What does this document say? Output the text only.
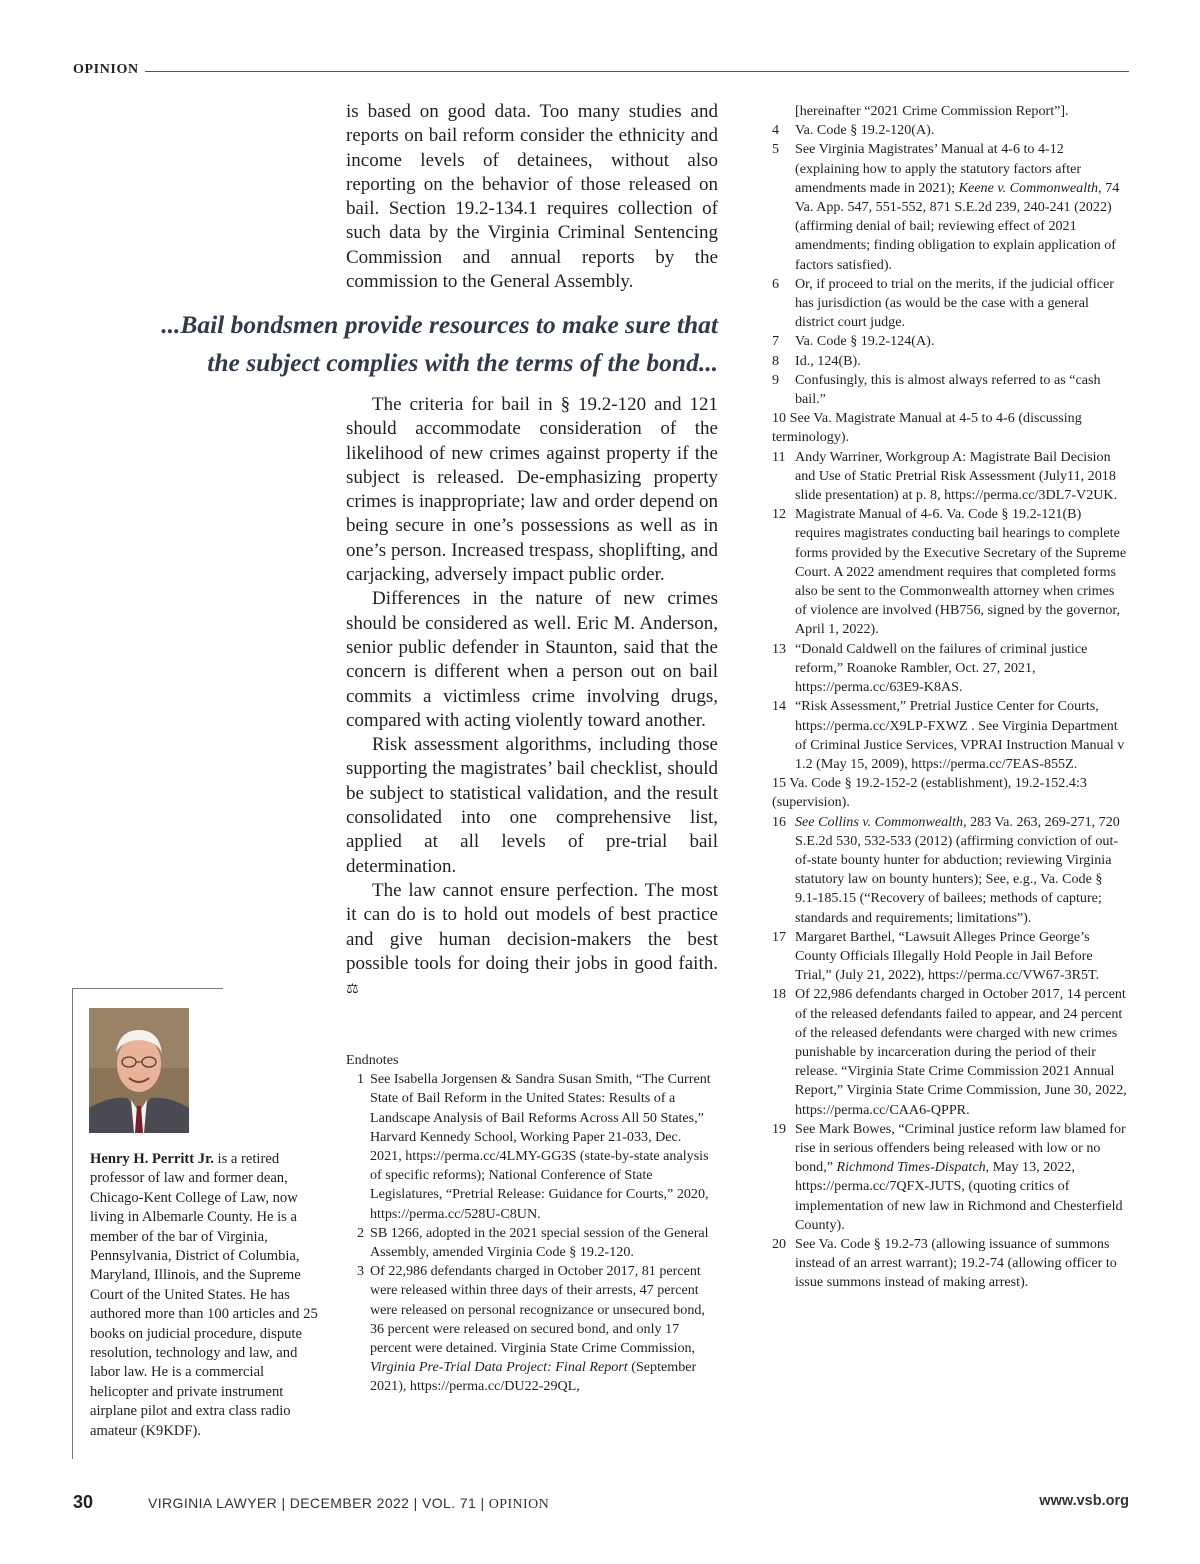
OPINION

is based on good data. Too many studies and reports on bail reform consider the ethnicity and income levels of detainees, without also reporting on the behavior of those released on bail. Section 19.2-134.1 requires collection of such data by the Virginia Criminal Sentencing Commission and annual reports by the commission to the General Assembly.

...Bail bondsmen provide resources to make sure that
the subject complies with the terms of the bond...

The criteria for bail in § 19.2-120 and 121 should accommodate consideration of the likelihood of new crimes against property if the subject is released. De-emphasizing property crimes is inappropriate; law and order depend on being secure in one’s possessions as well as in one’s person. Increased trespass, shoplifting, and carjacking, adversely impact public order.

Differences in the nature of new crimes should be considered as well. Eric M. Anderson, senior public defender in Staunton, said that the concern is different when a person out on bail commits a victimless crime involving drugs, compared with acting violently toward another.

Risk assessment algorithms, including those supporting the magistrates’ bail checklist, should be subject to statistical validation, and the result consolidated into one comprehensive list, applied at all levels of pre-trial bail determination.

The law cannot ensure perfection. The most it can do is to hold out models of best practice and give human decision-makers the best possible tools for doing their jobs in good faith. ⚖

Endnotes
1 See Isabella Jorgensen & Sandra Susan Smith, “The Current State of Bail Reform in the United States: Results of a Landscape Analysis of Bail Reforms Across All 50 States,” Harvard Kennedy School, Working Paper 21-033, Dec. 2021, https://perma.cc/4LMY-GG3S (state-by-state analysis of specific reforms); National Conference of State Legislatures, “Pretrial Release: Guidance for Courts,” 2020, https://perma.cc/528U-C8UN.
2 SB 1266, adopted in the 2021 special session of the General Assembly, amended Virginia Code § 19.2-120.
3 Of 22,986 defendants charged in October 2017, 81 percent were released within three days of their arrests, 47 percent were released on personal recognizance or unsecured bond, 36 percent were released on secured bond, and only 17 percent were detained. Virginia State Crime Commission, Virginia Pre-Trial Data Project: Final Report (September 2021), https://perma.cc/DU22-29QL,
[hereinafter “2021 Crime Commission Report”].
4 Va. Code § 19.2-120(A).
5 See Virginia Magistrates’ Manual at 4-6 to 4-12 (explaining how to apply the statutory factors after amendments made in 2021); Keene v. Commonwealth, 74 Va. App. 547, 551-552, 871 S.E.2d 239, 240-241 (2022) (affirming denial of bail; reviewing effect of 2021 amendments; finding obligation to explain application of factors satisfied).
6 Or, if proceed to trial on the merits, if the judicial officer has jurisdiction (as would be the case with a general district court judge.
7 Va. Code § 19.2-124(A).
8 Id., 124(B).
9 Confusingly, this is almost always referred to as “cash bail.”
10 See Va. Magistrate Manual at 4-5 to 4-6 (discussing terminology).
11 Andy Warriner, Workgroup A: Magistrate Bail Decision and Use of Static Pretrial Risk Assessment (July11, 2018 slide presentation) at p. 8, https://perma.cc/3DL7-V2UK.
12 Magistrate Manual of 4-6. Va. Code § 19.2-121(B) requires magistrates conducting bail hearings to complete forms provided by the Executive Secretary of the Supreme Court. A 2022 amendment requires that completed forms also be sent to the Commonwealth attorney when crimes of violence are involved (HB756, signed by the governor, April 1, 2022).
13 “Donald Caldwell on the failures of criminal justice reform,” Roanoke Rambler, Oct. 27, 2021, https://perma.cc/63E9-K8AS.
14 “Risk Assessment,” Pretrial Justice Center for Courts, https://perma.cc/X9LP-FXWZ . See Virginia Department of Criminal Justice Services, VPRAI Instruction Manual v 1.2 (May 15, 2009), https://perma.cc/7EAS-855Z.
15 Va. Code § 19.2-152-2 (establishment), 19.2-152.4:3 (supervision).
16 See Collins v. Commonwealth, 283 Va. 263, 269-271, 720 S.E.2d 530, 532-533 (2012) (affirming conviction of out-of-state bounty hunter for abduction; reviewing Virginia statutory law on bounty hunters); See, e.g., Va. Code § 9.1-185.15 (“Recovery of bailees; methods of capture; standards and requirements; limitations”).
17 Margaret Barthel, “Lawsuit Alleges Prince George’s County Officials Illegally Hold People in Jail Before Trial,” (July 21, 2022), https://perma.cc/VW67-3R5T.
18 Of 22,986 defendants charged in October 2017, 14 percent of the released defendants failed to appear, and 24 percent of the released defendants were charged with new crimes punishable by incarceration during the period of their release. “Virginia State Crime Commission 2021 Annual Report,” Virginia State Crime Commission, June 30, 2022, https://perma.cc/CAA6-QPPR.
19 See Mark Bowes, “Criminal justice reform law blamed for rise in serious offenders being released with low or no bond,” Richmond Times-Dispatch, May 13, 2022, https://perma.cc/7QFX-JUTS, (quoting critics of implementation of new law in Richmond and Chesterfield County).
20 See Va. Code § 19.2-73 (allowing issuance of summons instead of an arrest warrant); 19.2-74 (allowing officer to issue summons instead of making arrest).
Henry H. Perritt Jr. is a retired professor of law and former dean, Chicago-Kent College of Law, now living in Albemarle County. He is a member of the bar of Virginia, Pennsylvania, District of Columbia, Maryland, Illinois, and the Supreme Court of the United States. He has authored more than 100 articles and 25 books on judicial procedure, dispute resolution, technology and law, and labor law. He is a commercial helicopter and private instrument airplane pilot and extra class radio amateur (K9KDF).
30	VIRGINIA LAWYER | DECEMBER 2022 | VOL. 71 | OPINION	www.vsb.org
